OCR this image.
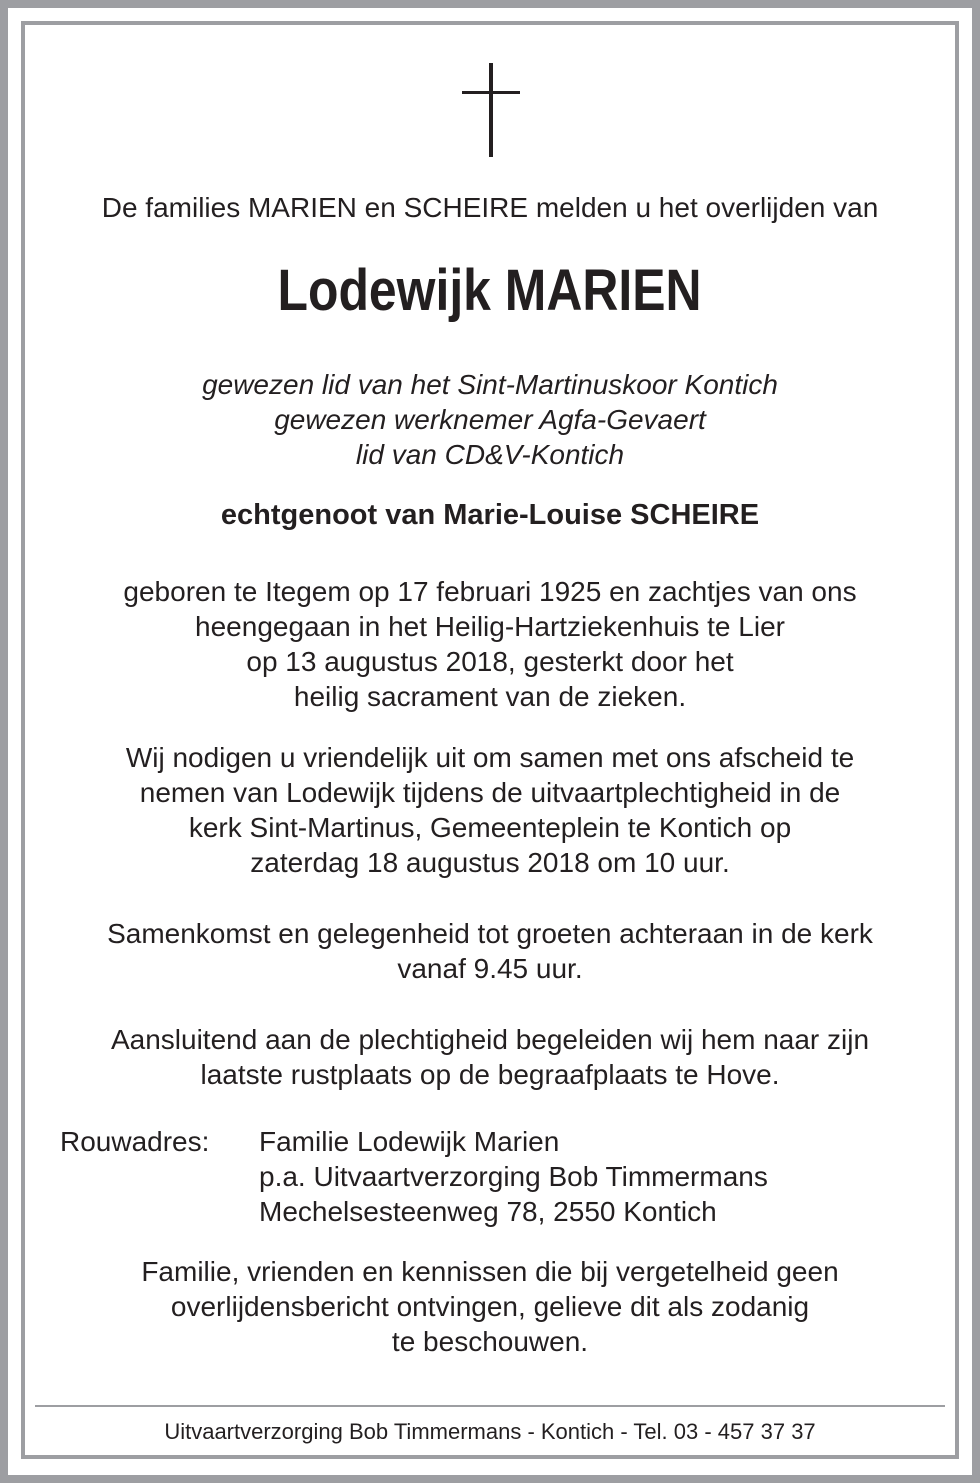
De families MARIEN en SCHEIRE melden u het overlijden van
Lodewijk MARIEN
gewezen lid van het Sint-Martinuskoor Kontich
gewezen werknemer Agfa-Gevaert
lid van CD&V-Kontich
echtgenoot van Marie-Louise SCHEIRE
geboren te Itegem op 17 februari 1925 en zachtjes van ons
heengegaan in het Heilig-Hartziekenhuis te Lier
op 13 augustus 2018, gesterkt door het
heilig sacrament van de zieken.
Wij nodigen u vriendelijk uit om samen met ons afscheid te
nemen van Lodewijk tijdens de uitvaartplechtigheid in de
kerk Sint-Martinus, Gemeenteplein te Kontich op
zaterdag 18 augustus 2018 om 10 uur.
Samenkomst en gelegenheid tot groeten achteraan in de kerk
vanaf 9.45 uur.
Aansluitend aan de plechtigheid begeleiden wij hem naar zijn
laatste rustplaats op de begraafplaats te Hove.
Rouwadres: Familie Lodewijk Marien
p.a. Uitvaartverzorging Bob Timmermans
Mechelsesteenweg 78, 2550 Kontich
Familie, vrienden en kennissen die bij vergetelheid geen
overlijdensbericht ontvingen, gelieve dit als zodanig
te beschouwen.
Uitvaartverzorging Bob Timmermans - Kontich - Tel. 03 - 457 37 37
